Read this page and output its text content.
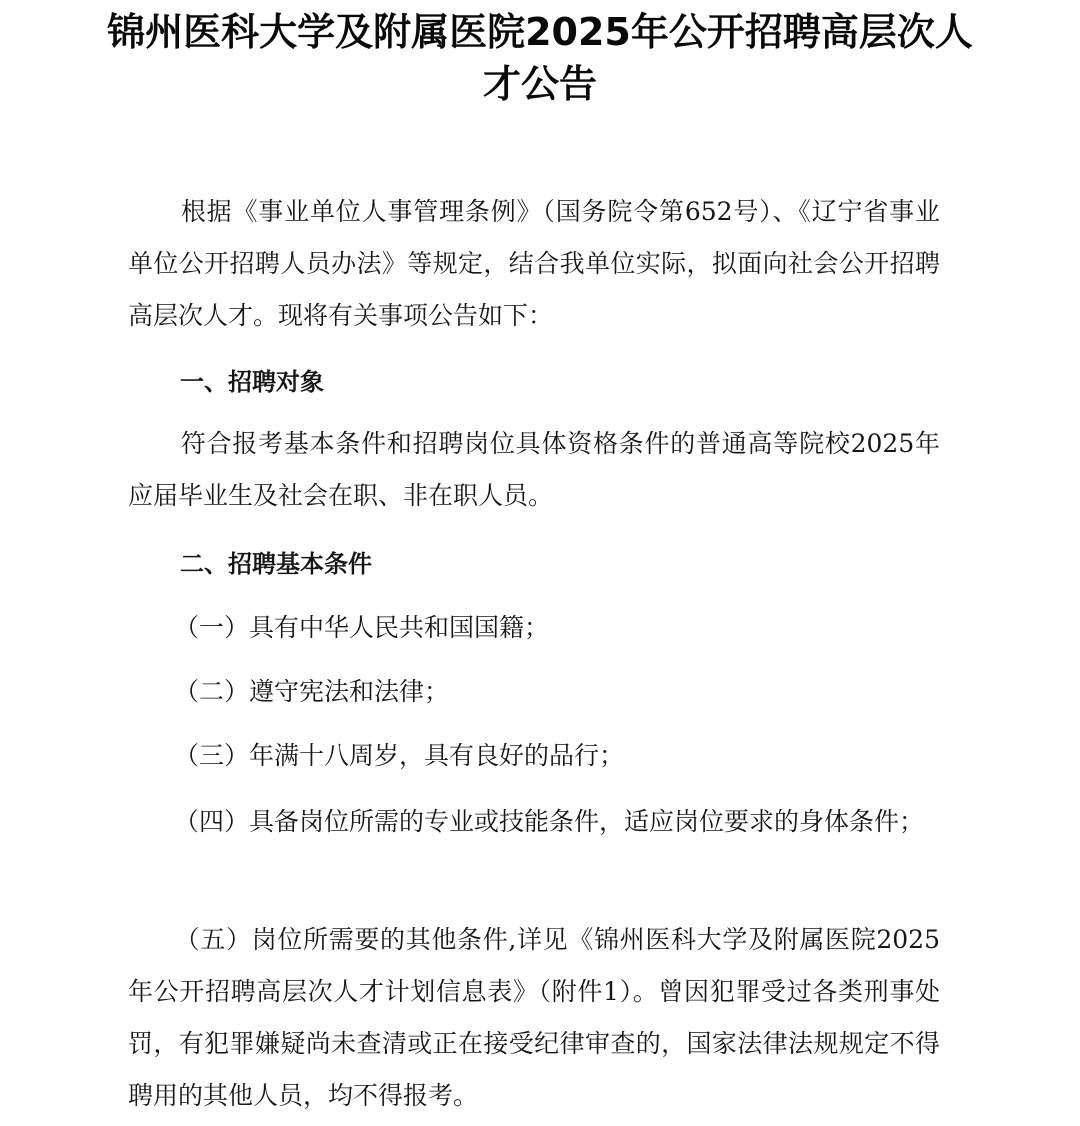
锦州医科大学及附属医院2025年公开招聘高层次人
才公告
根据《事业单位人事管理条例》（国务院令第652号）、《辽宁省事业单位公开招聘人员办法》等规定，结合我单位实际，拟面向社会公开招聘高层次人才。现将有关事项公告如下：
一、招聘对象
符合报考基本条件和招聘岗位具体资格条件的普通高等院校2025年应届毕业生及社会在职、非在职人员。
二、招聘基本条件
（一）具有中华人民共和国国籍；
（二）遵守宪法和法律；
（三）年满十八周岁，具有良好的品行；
（四）具备岗位所需的专业或技能条件，适应岗位要求的身体条件；
（五）岗位所需要的其他条件,详见《锦州医科大学及附属医院2025年公开招聘高层次人才计划信息表》（附件1）。曾因犯罪受过各类刑事处罚，有犯罪嫌疑尚未查清或正在接受纪律审查的，国家法律法规规定不得聘用的其他人员，均不得报考。
